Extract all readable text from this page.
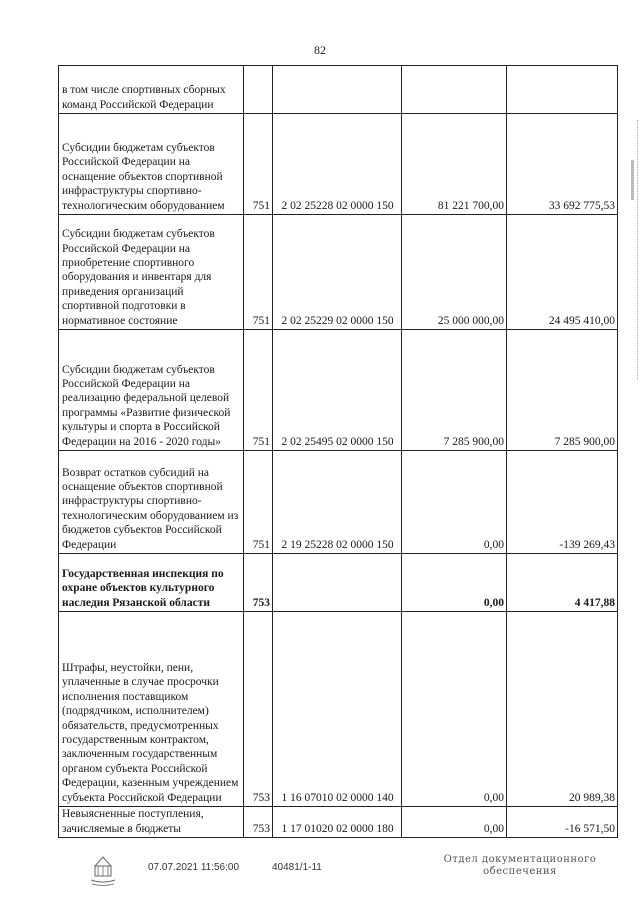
82
в том числе спортивных сборных команд Российской Федерации				
Субсидии бюджетам субъектов Российской Федерации на оснащение объектов спортивной инфраструктуры спортивно-технологическим оборудованием	751	2 02 25228 02 0000 150	81 221 700,00	33 692 775,53
Субсидии бюджетам субъектов Российской Федерации на приобретение спортивного оборудования и инвентаря для приведения организаций спортивной подготовки в нормативное состояние	751	2 02 25229 02 0000 150	25 000 000,00	24 495 410,00
Субсидии бюджетам субъектов Российской Федерации на реализацию федеральной целевой программы «Развитие физической культуры и спорта в Российской Федерации на 2016 - 2020 годы»	751	2 02 25495 02 0000 150	7 285 900,00	7 285 900,00
Возврат остатков субсидий на оснащение объектов спортивной инфраструктуры спортивно-технологическим оборудованием из бюджетов субъектов Российской Федерации	751	2 19 25228 02 0000 150	0,00	-139 269,43
Государственная инспекция по охране объектов культурного наследия Рязанской области	753		0,00	4 417,88
Штрафы, неустойки, пени, уплаченные в случае просрочки исполнения поставщиком (подрядчиком, исполнителем) обязательств, предусмотренных государственным контрактом, заключенным государственным органом субъекта Российской Федерации, казенным учреждением субъекта Российской Федерации	753	1 16 07010 02 0000 140	0,00	20 989,38
Невыясненные поступления, зачисляемые в бюджеты	753	1 17 01020 02 0000 180	0,00	-16 571,50
07.07.2021 11:56:00	40481/1-11
Отдел документационного
обеспечения
